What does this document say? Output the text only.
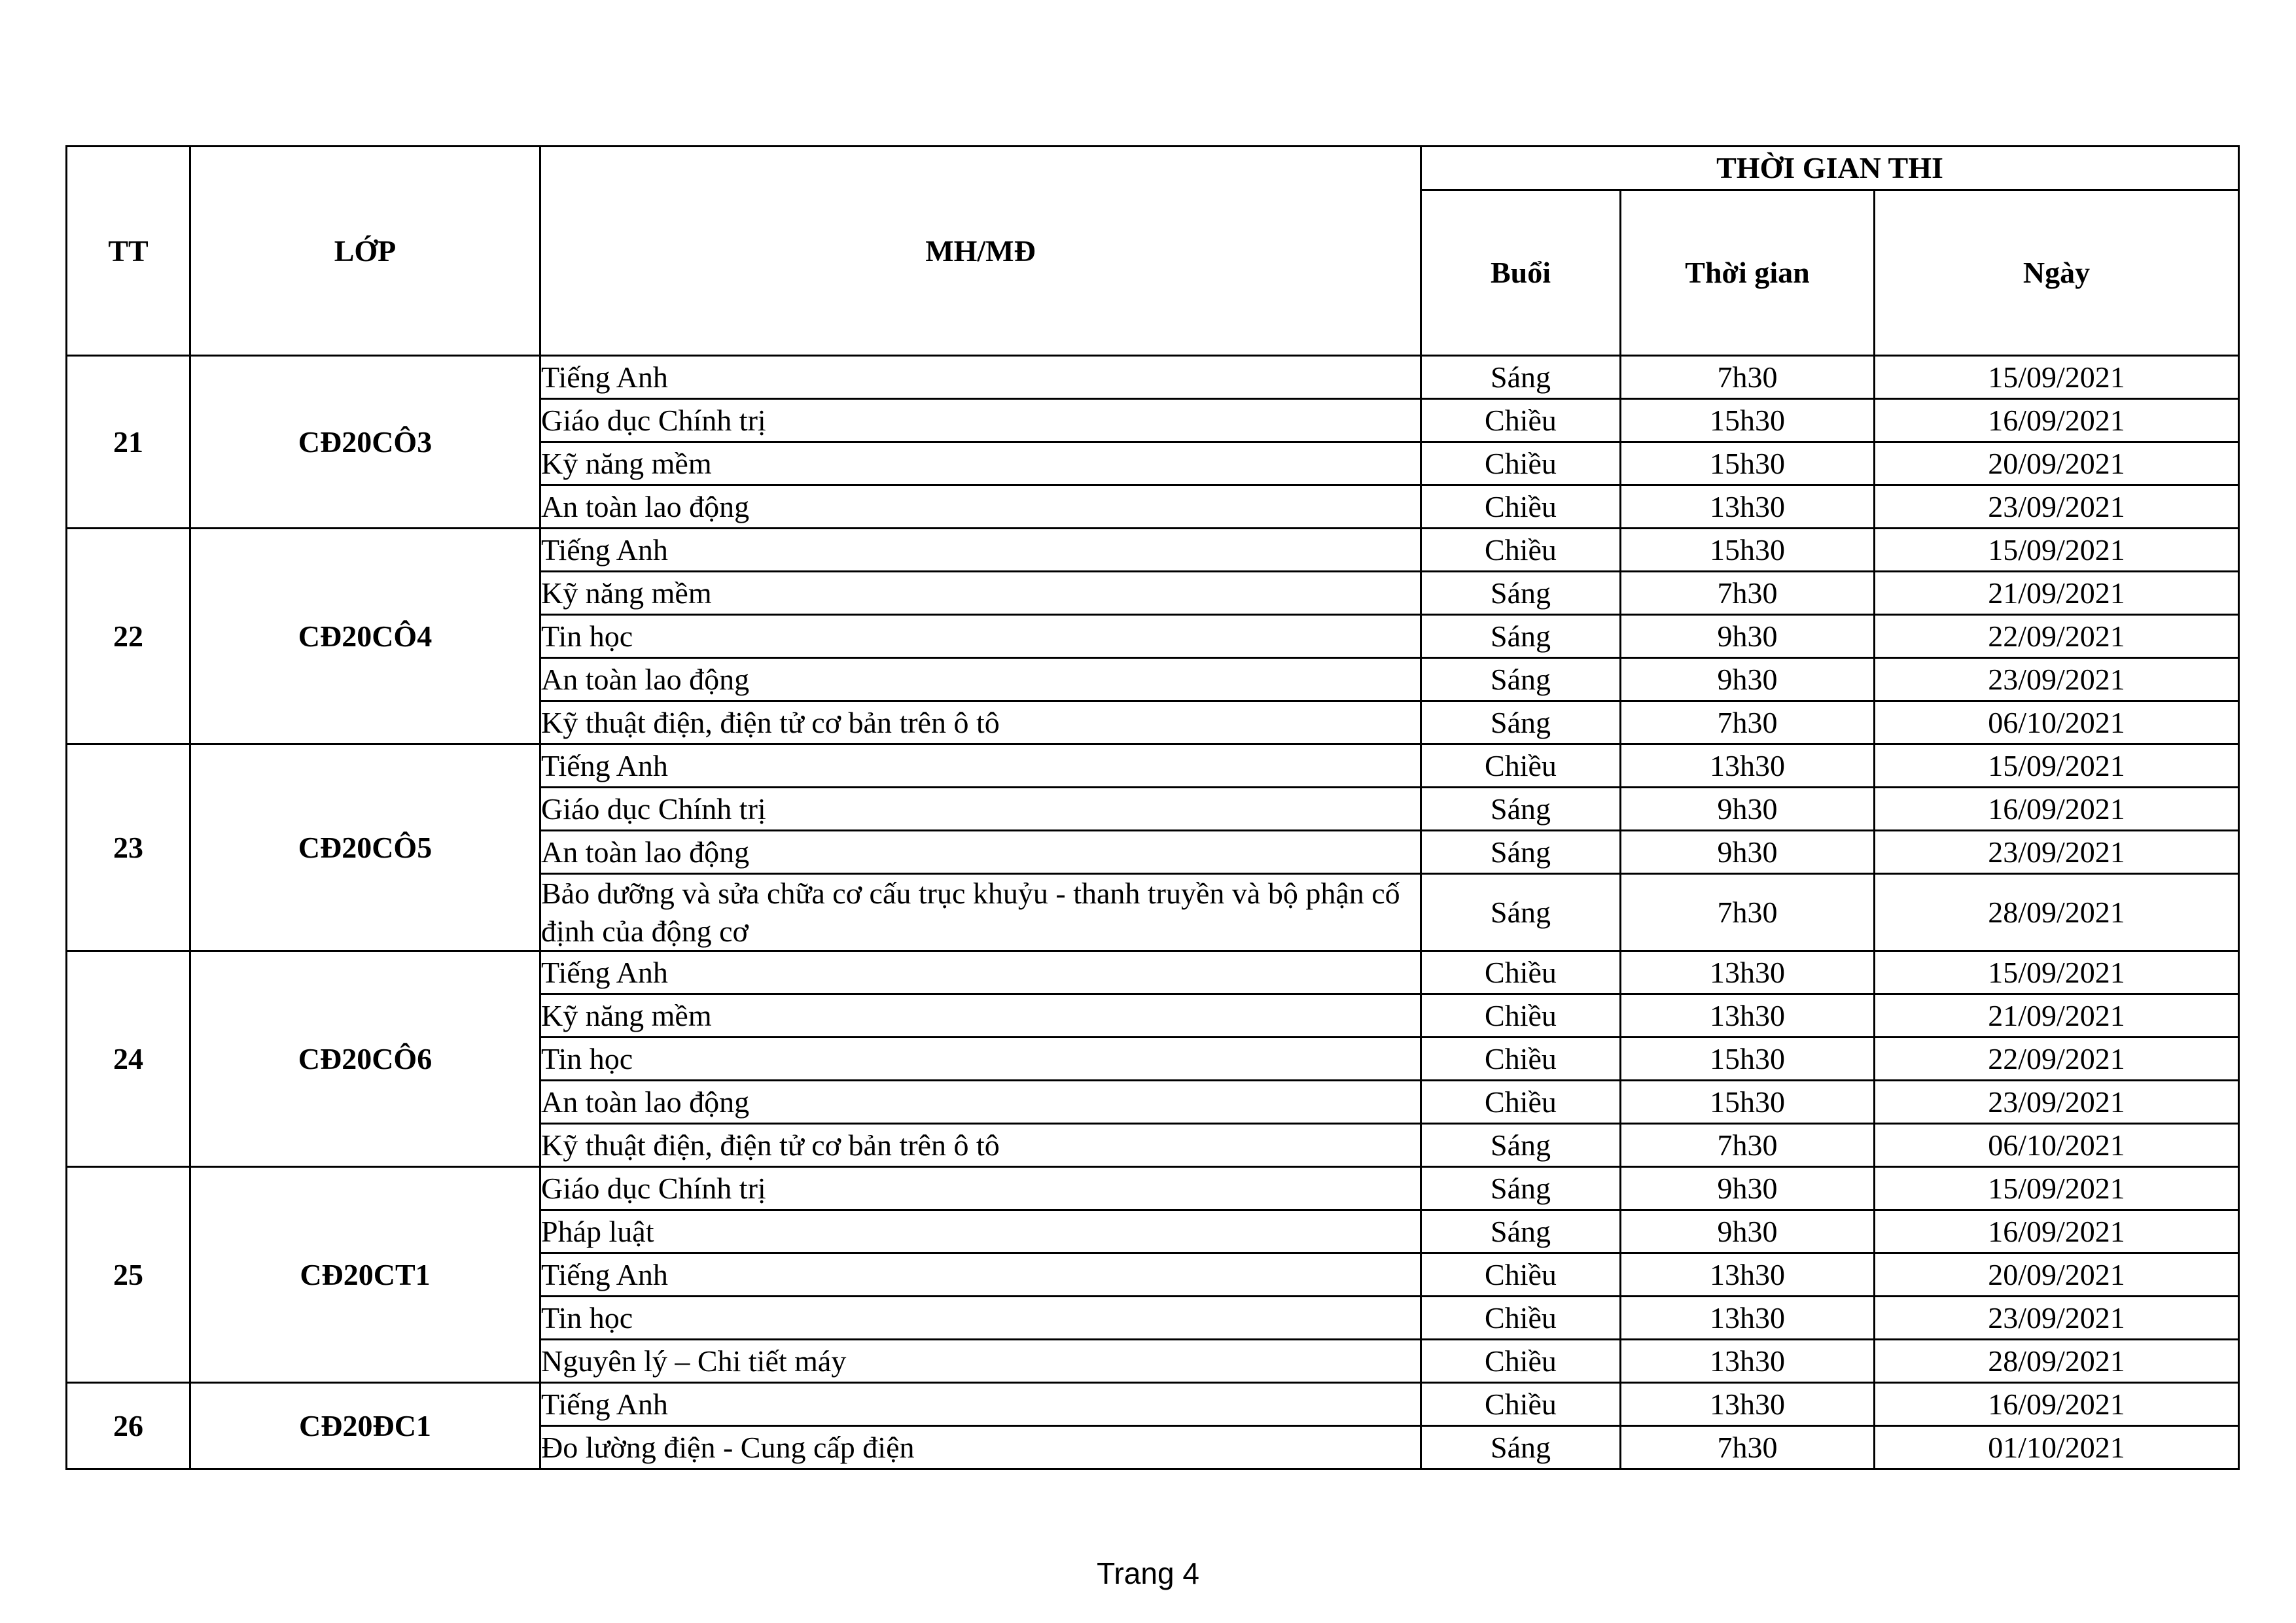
TT	LỚP	MH/MĐ	THỜI GIAN THI		
			Buổi	Thời gian	Ngày
21	CĐ20CÔ3	Tiếng Anh	Sáng	7h30	15/09/2021
		Giáo dục Chính trị	Chiều	15h30	16/09/2021
		Kỹ năng mềm	Chiều	15h30	20/09/2021
		An toàn lao động	Chiều	13h30	23/09/2021
22	CĐ20CÔ4	Tiếng Anh	Chiều	15h30	15/09/2021
		Kỹ năng mềm	Sáng	7h30	21/09/2021
		Tin học	Sáng	9h30	22/09/2021
		An toàn lao động	Sáng	9h30	23/09/2021
		Kỹ thuật điện, điện tử cơ bản trên ô tô	Sáng	7h30	06/10/2021
23	CĐ20CÔ5	Tiếng Anh	Chiều	13h30	15/09/2021
		Giáo dục Chính trị	Sáng	9h30	16/09/2021
		An toàn lao động	Sáng	9h30	23/09/2021
		Bảo dưỡng và sửa chữa cơ cấu trục khuỷu - thanh truyền và bộ phận cố định của động cơ	Sáng	7h30	28/09/2021
24	CĐ20CÔ6	Tiếng Anh	Chiều	13h30	15/09/2021
		Kỹ năng mềm	Chiều	13h30	21/09/2021
		Tin học	Chiều	15h30	22/09/2021
		An toàn lao động	Chiều	15h30	23/09/2021
		Kỹ thuật điện, điện tử cơ bản trên ô tô	Sáng	7h30	06/10/2021
25	CĐ20CT1	Giáo dục Chính trị	Sáng	9h30	15/09/2021
		Pháp luật	Sáng	9h30	16/09/2021
		Tiếng Anh	Chiều	13h30	20/09/2021
		Tin học	Chiều	13h30	23/09/2021
		Nguyên lý – Chi tiết máy	Chiều	13h30	28/09/2021
26	CĐ20ĐC1	Tiếng Anh	Chiều	13h30	16/09/2021
		Đo lường điện - Cung cấp điện	Sáng	7h30	01/10/2021
Trang 4
